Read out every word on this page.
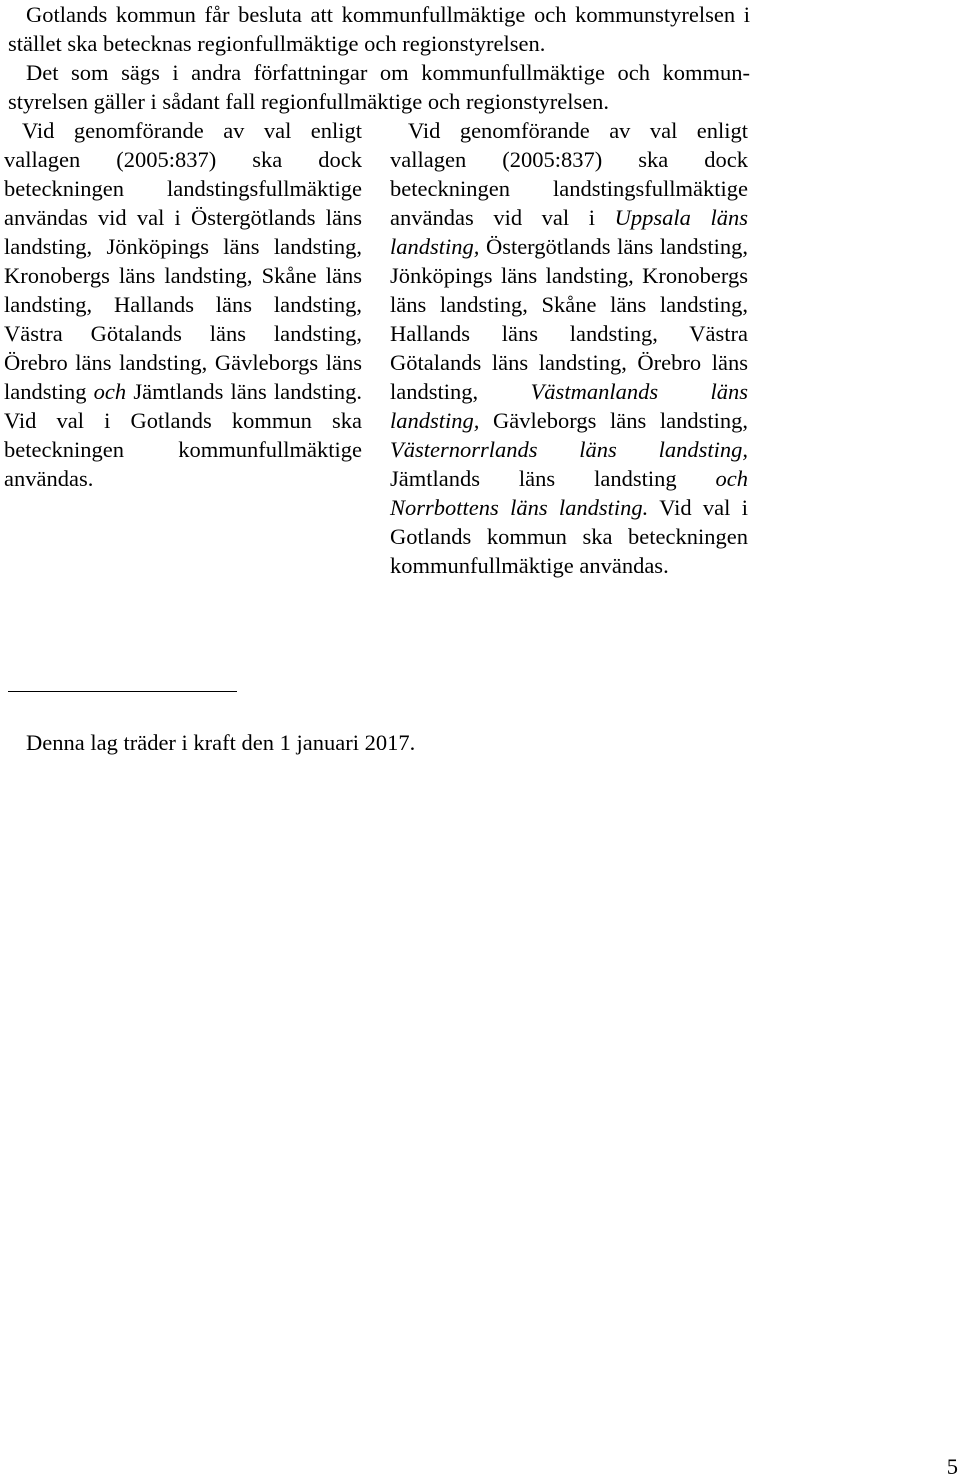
Gotlands kommun får besluta att kommunfullmäktige och kommunstyrelsen i stället ska betecknas regionfullmäktige och regionstyrelsen.

Det som sägs i andra författningar om kommunfullmäktige och kommunstyrelsen gäller i sådant fall regionfullmäktige och regionstyrelsen.

Vid genomförande av val enligt vallagen (2005:837) ska dock beteckningen landstingsfullmäktige användas vid val i Östergötlands läns landsting, Jönköpings läns landsting, Kronobergs läns landsting, Skåne läns landsting, Hallands läns landsting, Västra Götalands läns landsting, Örebro läns landsting, Gävleborgs läns landsting och Jämtlands läns landsting. Vid val i Gotlands kommun ska beteckningen kommunfullmäktige användas.

Vid genomförande av val enligt vallagen (2005:837) ska dock beteckningen landstingsfullmäktige användas vid val i Uppsala läns landsting, Östergötlands läns landsting, Jönköpings läns landsting, Kronobergs läns landsting, Skåne läns landsting, Hallands läns landsting, Västra Götalands läns landsting, Örebro läns landsting, Västmanlands läns landsting, Gävleborgs läns landsting, Västernorrlands läns landsting, Jämtlands läns landsting och Norrbottens läns landsting. Vid val i Gotlands kommun ska beteckningen kommunfullmäktige användas.

Denna lag träder i kraft den 1 januari 2017.

5
